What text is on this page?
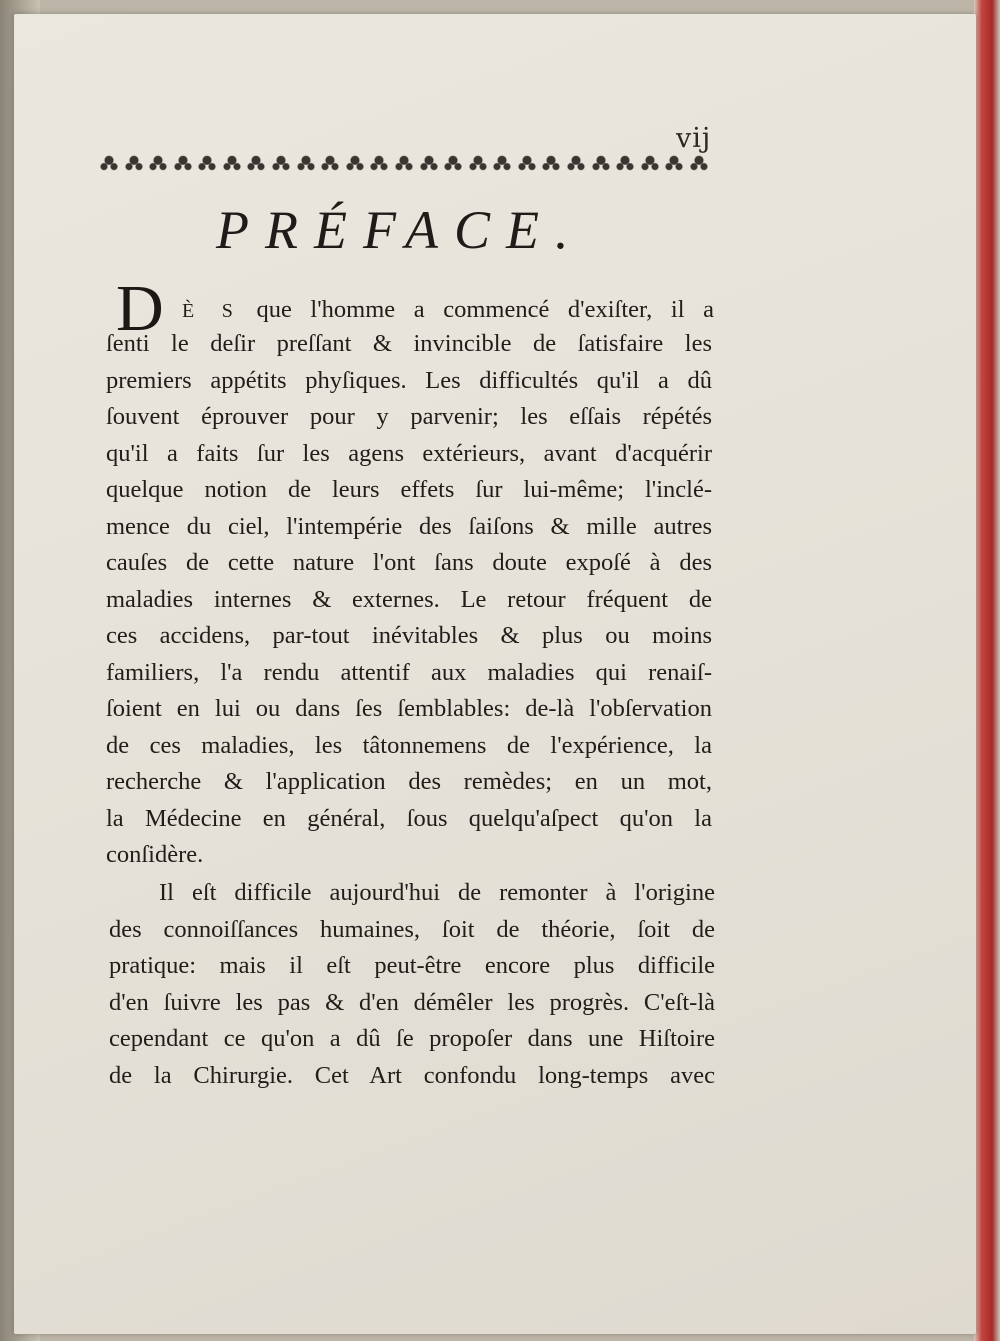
vij
PRÉFACE.
D È S que l'homme a commencé d'exiſter, il a
ſenti le deſir preſſant & invincible de ſatisfaire les
premiers appétits phyſiques. Les difficultés qu'il a dû
ſouvent éprouver pour y parvenir; les eſſais répétés
qu'il a faits ſur les agens extérieurs, avant d'acquérir
quelque notion de leurs effets ſur lui-même; l'inclé-
mence du ciel, l'intempérie des ſaiſons & mille autres
cauſes de cette nature l'ont ſans doute expoſé à des
maladies internes & externes. Le retour fréquent de
ces accidens, par-tout inévitables & plus ou moins
familiers, l'a rendu attentif aux maladies qui renaiſ-
ſoient en lui ou dans ſes ſemblables: de-là l'obſervation
de ces maladies, les tâtonnemens de l'expérience, la
recherche & l'application des remèdes; en un mot,
la Médecine en général, ſous quelqu'aſpect qu'on la
conſidère.
Il eſt difficile aujourd'hui de remonter à l'origine
des connoiſſances humaines, ſoit de théorie, ſoit de
pratique: mais il eſt peut-être encore plus difficile
d'en ſuivre les pas & d'en démêler les progrès. C'eſt-là
cependant ce qu'on a dû ſe propoſer dans une Hiſtoire
de la Chirurgie. Cet Art confondu long-temps avec
